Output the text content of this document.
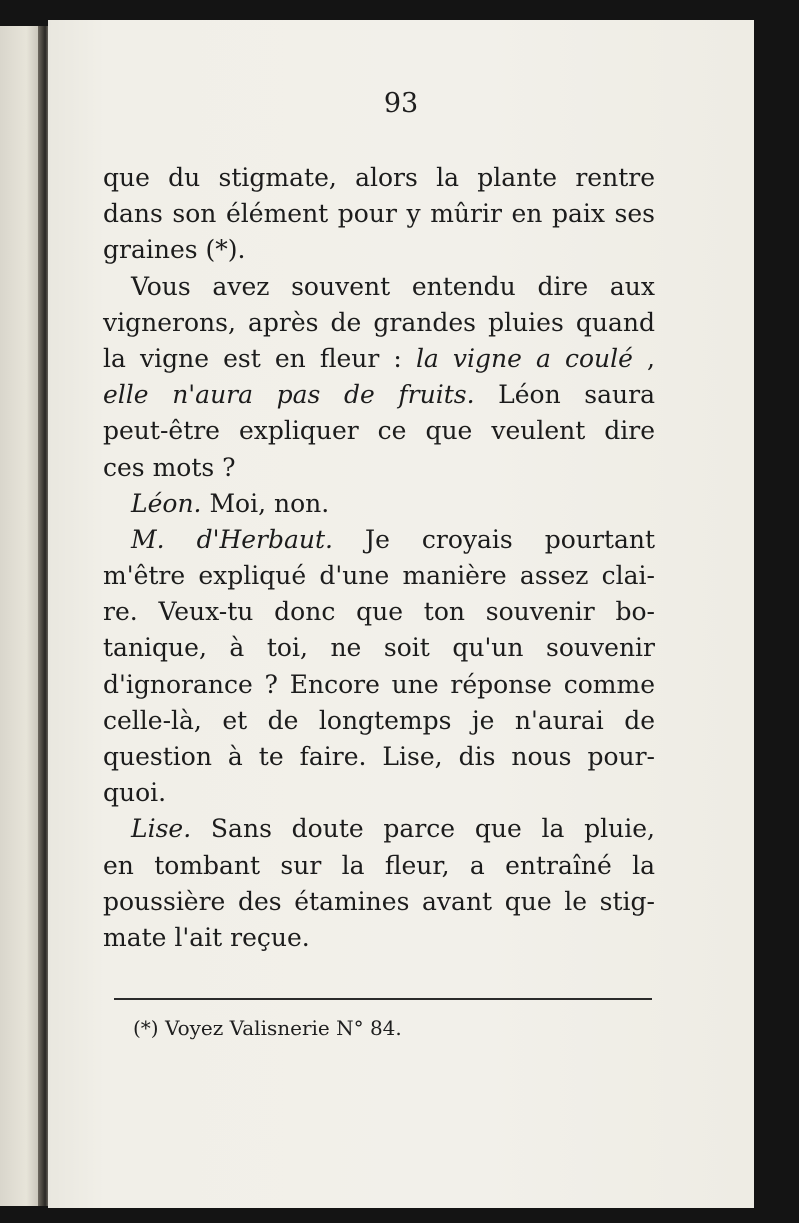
93
que du stigmate, alors la plante rentre
dans son élément pour y mûrir en paix ses
graines (*).
Vous avez souvent entendu dire aux
vignerons, après de grandes pluies quand
la vigne est en fleur : la vigne a coulé ,
elle n'aura pas de fruits. Léon saura
peut-être expliquer ce que veulent dire
ces mots ?
Léon. Moi, non.
M. d'Herbaut. Je croyais pourtant
m'être expliqué d'une manière assez clai-
re. Veux-tu donc que ton souvenir bo-
tanique, à toi, ne soit qu'un souvenir
d'ignorance ? Encore une réponse comme
celle-là, et de longtemps je n'aurai de
question à te faire. Lise, dis nous pour-
quoi.
Lise. Sans doute parce que la pluie,
en tombant sur la fleur, a entraîné la
poussière des étamines avant que le stig-
mate l'ait reçue.
(*) Voyez Valisnerie N° 84.
